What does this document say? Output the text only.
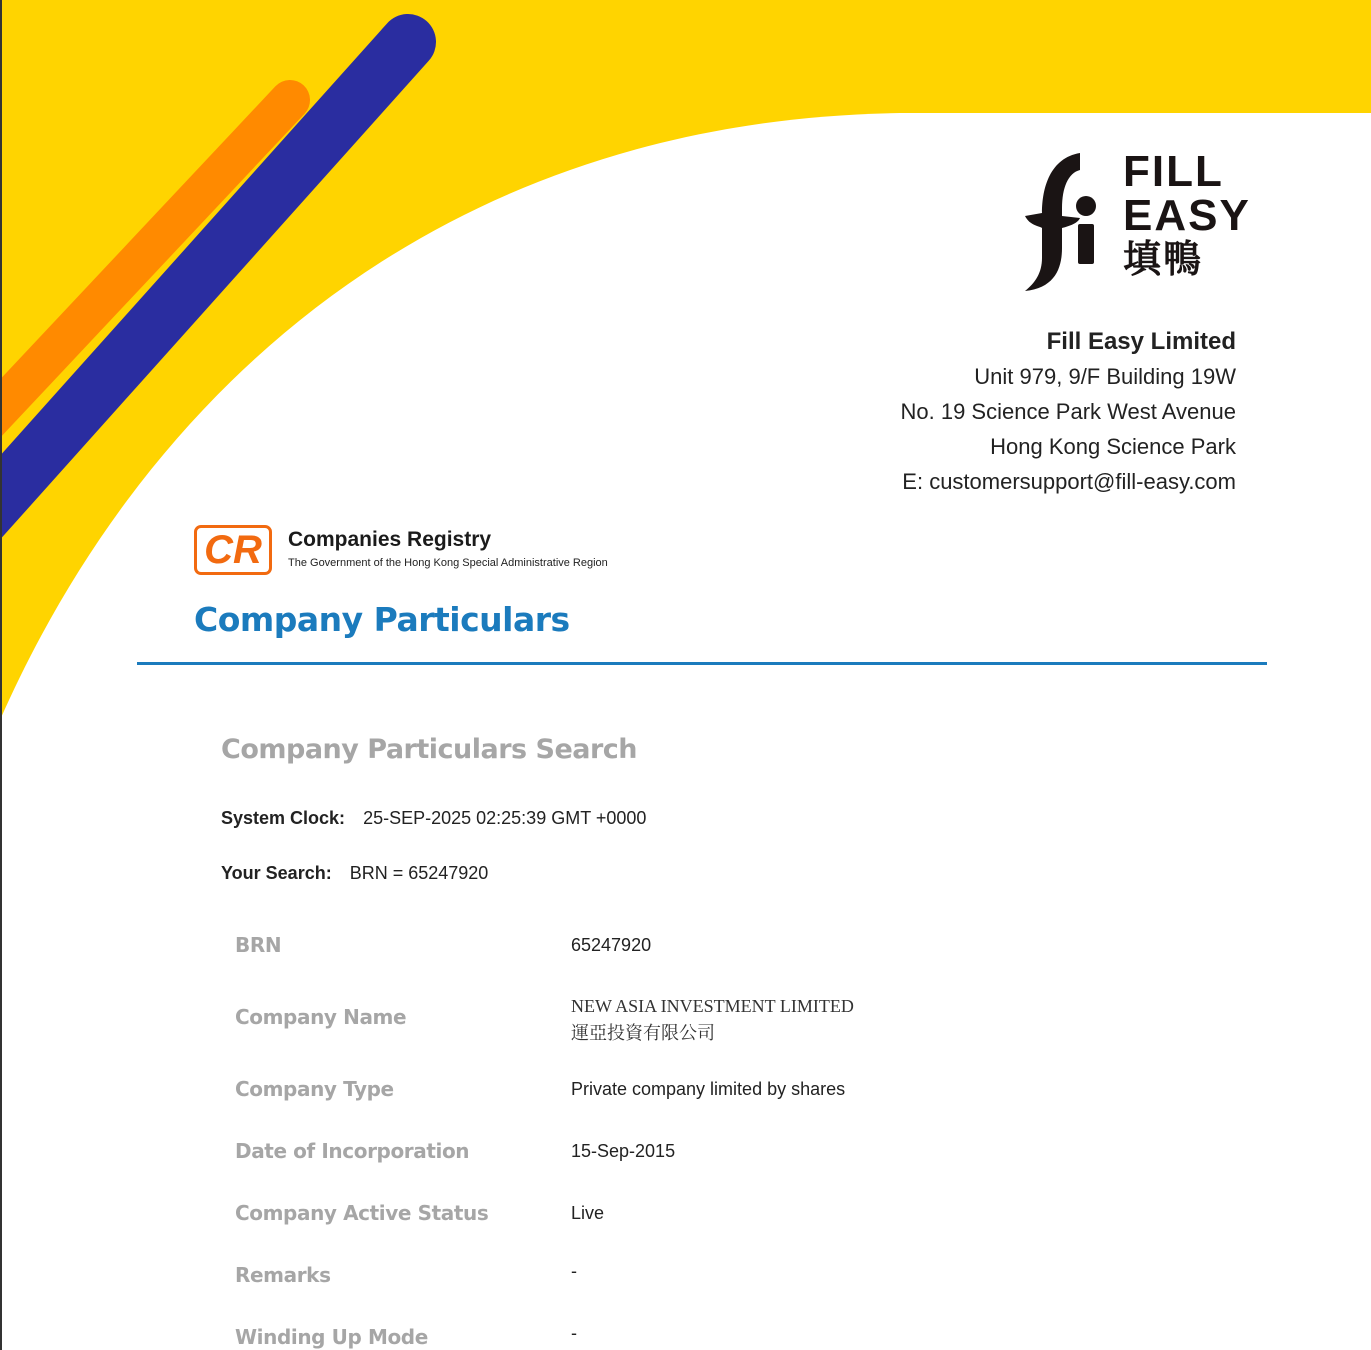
FILL
EASY
填鴨
Fill Easy Limited
Unit 979, 9/F Building 19W
No. 19 Science Park West Avenue
Hong Kong Science Park
E: customersupport@fill-easy.com
CR	Companies Registry
The Government of the Hong Kong Special Administrative Region
Company Particulars
Company Particulars Search
System Clock: 25-SEP-2025 02:25:39 GMT +0000
Your Search: BRN = 65247920
BRN	65247920
Company Name	NEW ASIA INVESTMENT LIMITED
運亞投資有限公司
Company Type	Private company limited by shares
Date of Incorporation	15-Sep-2015
Company Active Status	Live
Remarks	-
Winding Up Mode	-
